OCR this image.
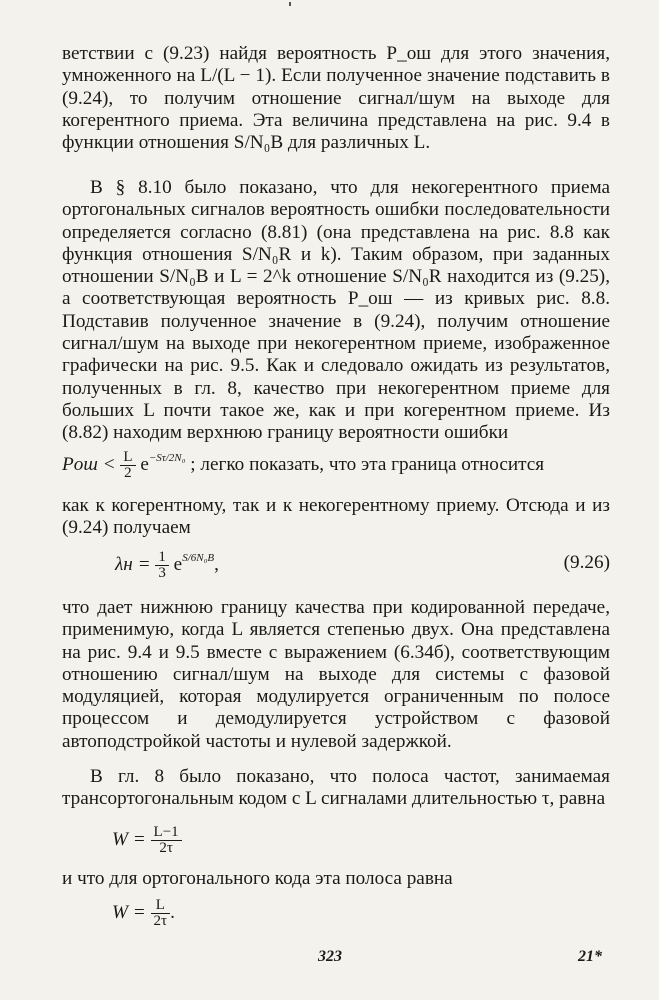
ветствии с (9.23) найдя вероятность P_ош для этого значения, умноженного на L/(L − 1). Если полученное значение подставить в (9.24), то получим отношение сигнал/шум на выходе для когерентного приема. Эта величина представлена на рис. 9.4 в функции отношения S/N₀B для различных L.

В § 8.10 было показано, что для некогерентного приема ортогональных сигналов вероятность ошибки последовательности определяется согласно (8.81) (она представлена на рис. 8.8 как функция отношения S/N₀R и k). Таким образом, при заданных отношении S/N₀B и L = 2^k отношение S/N₀R находится из (9.25), а соответствующая вероятность P_ош — из кривых рис. 8.8. Подставив полученное значение в (9.24), получим отношение сигнал/шум на выходе при некогерентном приеме, изображенное графически на рис. 9.5. Как и следовало ожидать из результатов, полученных в гл. 8, качество при некогерентном приеме для больших L почти такое же, как и при когерентном приеме. Из (8.82) находим верхнюю границу вероятности ошибки

Pош < $\frac{L}{2} e^{-S\tau/2N_0}$ ; легко показать, что эта граница относится

как к когерентному, так и к некогерентному приему. Отсюда и из (9.24) получаем

$\lambda н = \frac{1}{3} e^{S/6N_0B}$,	(9.26)

что дает нижнюю границу качества при кодированной передаче, применимую, когда L является степенью двух. Она представлена на рис. 9.4 и 9.5 вместе с выражением (6.34б), соответствующим отношению сигнал/шум на выходе для системы с фазовой модуляцией, которая модулируется ограниченным по полосе процессом и демодулируется устройством с фазовой автоподстройкой частоты и нулевой задержкой.

В гл. 8 было показано, что полоса частот, занимаемая трансортогональным кодом с L сигналами длительностью τ, равна

$W = \frac{L-1}{2\tau}$
и что для ортогонального кода эта полоса равна
$W = \frac{L}{2\tau}$ .
323	21*
